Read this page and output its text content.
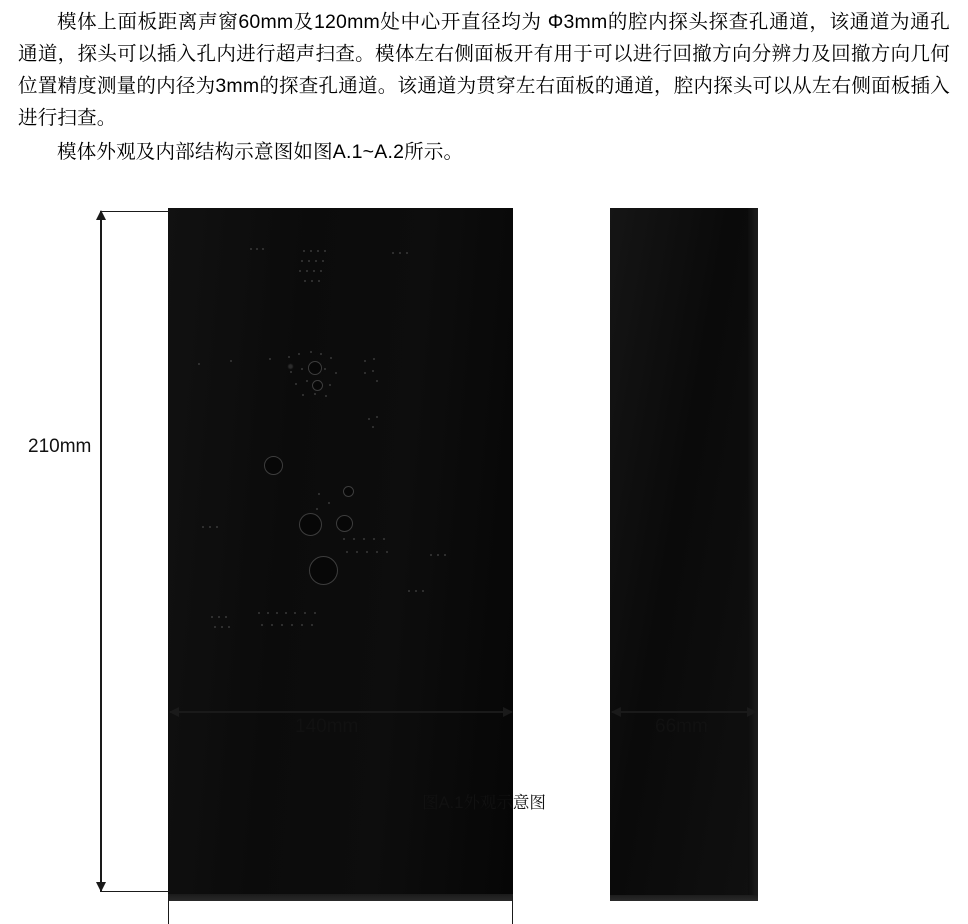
模体上面板距离声窗60mm及120mm处中心开直径均为 Φ3mm的腔内探头探查孔通道，该通道为通孔通道，探头可以插入孔内进行超声扫查。模体左右侧面板开有用于可以进行回撤方向分辨力及回撤方向几何位置精度测量的内径为3mm的探查孔通道。该通道为贯穿左右面板的通道，腔内探头可以从左右侧面板插入进行扫查。

模体外观及内部结构示意图如图A.1~A.2所示。

210mm
140mm	66mm
图A.1外观示意图
